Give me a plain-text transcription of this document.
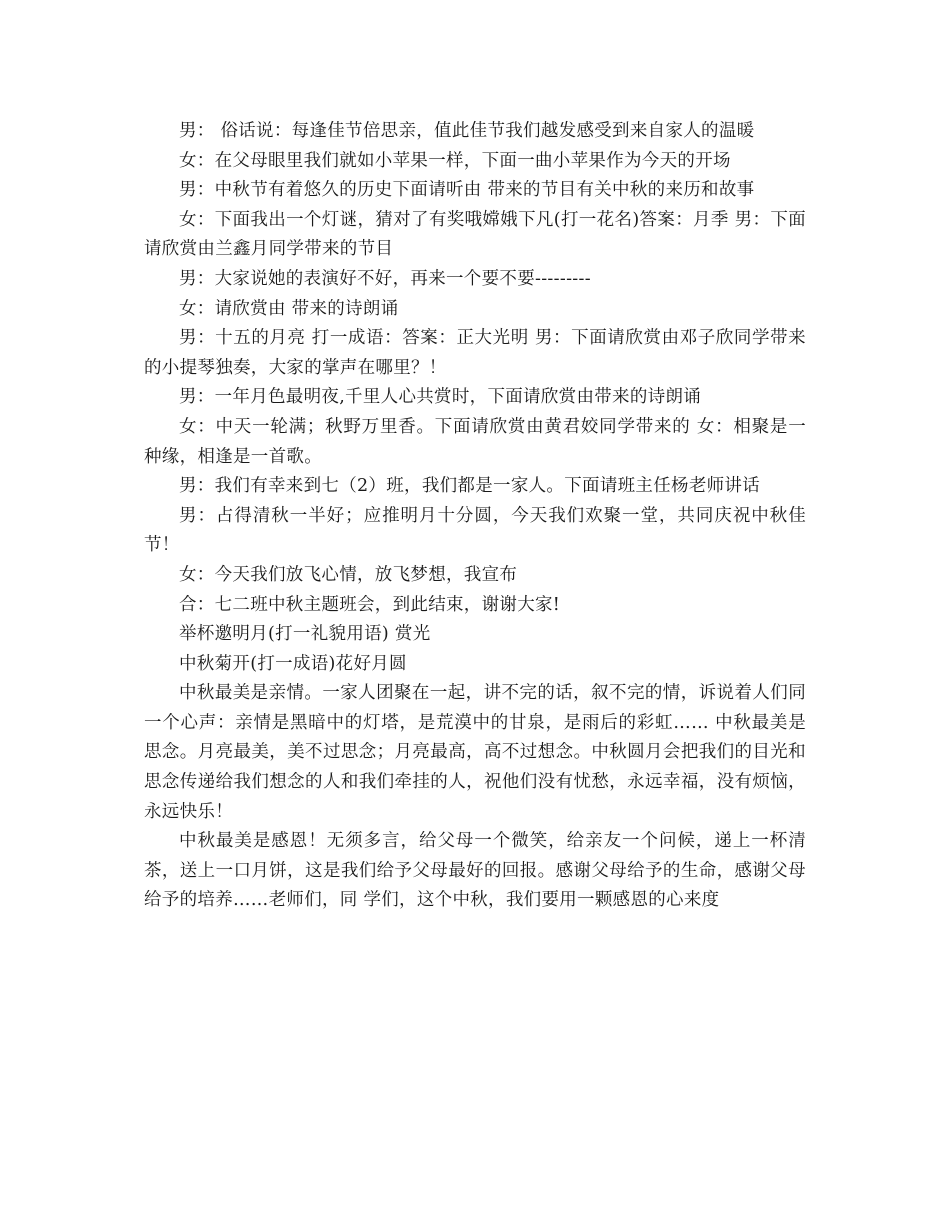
男： 俗话说：每逢佳节倍思亲，值此佳节我们越发感受到来自家人的温暖

女：在父母眼里我们就如小苹果一样，下面一曲小苹果作为今天的开场

男：中秋节有着悠久的历史下面请听由 带来的节目有关中秋的来历和故事

女：下面我出一个灯谜，猜对了有奖哦嫦娥下凡(打一花名)答案：月季 男：下面请欣赏由兰鑫月同学带来的节目

男：大家说她的表演好不好，再来一个要不要---------

女：请欣赏由 带来的诗朗诵

男：十五的月亮 打一成语：答案：正大光明 男：下面请欣赏由邓子欣同学带来的小提琴独奏，大家的掌声在哪里？！

男：一年月色最明夜,千里人心共赏时，下面请欣赏由带来的诗朗诵

女：中天一轮满；秋野万里香。下面请欣赏由黄君姣同学带来的 女：相聚是一种缘，相逢是一首歌。

男：我们有幸来到七（2）班，我们都是一家人。下面请班主任杨老师讲话

男：占得清秋一半好；应推明月十分圆，今天我们欢聚一堂，共同庆祝中秋佳节！

女：今天我们放飞心情，放飞梦想，我宣布

合：七二班中秋主题班会，到此结束，谢谢大家!

举杯邀明月(打一礼貌用语) 赏光

中秋菊开(打一成语)花好月圆

中秋最美是亲情。一家人团聚在一起，讲不完的话，叙不完的情，诉说着人们同一个心声：亲情是黑暗中的灯塔，是荒漠中的甘泉，是雨后的彩虹…… 中秋最美是思念。月亮最美，美不过思念；月亮最高，高不过想念。中秋圆月会把我们的目光和思念传递给我们想念的人和我们牵挂的人，祝他们没有忧愁，永远幸福，没有烦恼，永远快乐！

中秋最美是感恩！无须多言，给父母一个微笑，给亲友一个问候，递上一杯清茶，送上一口月饼，这是我们给予父母最好的回报。感谢父母给予的生命，感谢父母给予的培养……老师们，同 学们，这个中秋，我们要用一颗感恩的心来度
